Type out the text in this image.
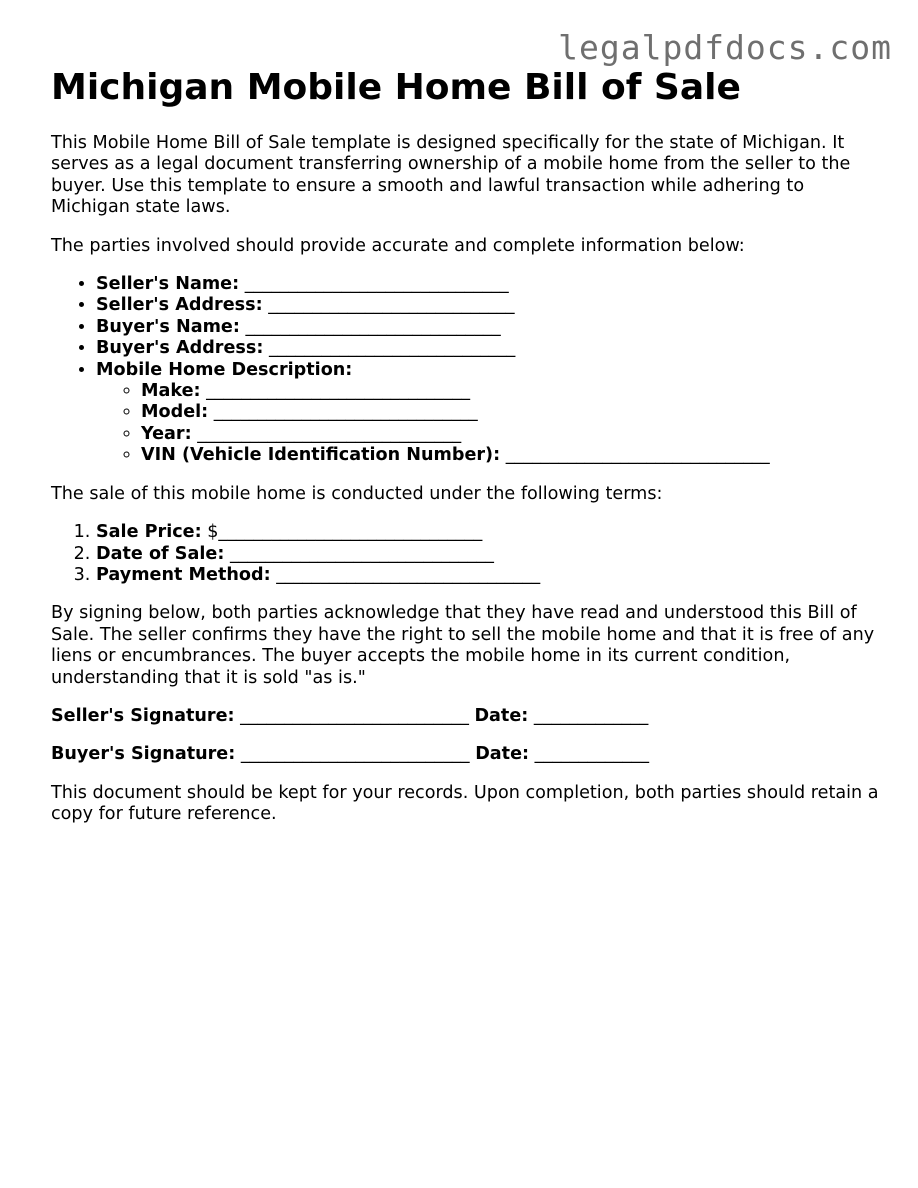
legalpdfdocs.com
Michigan Mobile Home Bill of Sale

This Mobile Home Bill of Sale template is designed specifically for the state of Michigan. It serves as a legal document transferring ownership of a mobile home from the seller to the buyer. Use this template to ensure a smooth and lawful transaction while adhering to Michigan state laws.

The parties involved should provide accurate and complete information below:

• Seller's Name: ______________________________
• Seller's Address: ____________________________
• Buyer's Name: _____________________________
• Buyer's Address: ____________________________
• Mobile Home Description:
◦ Make: ______________________________
◦ Model: ______________________________
◦ Year: ______________________________
◦ VIN (Vehicle Identification Number): ______________________________

The sale of this mobile home is conducted under the following terms:

1. Sale Price: $______________________________
2. Date of Sale: ______________________________
3. Payment Method: ______________________________

By signing below, both parties acknowledge that they have read and understood this Bill of Sale. The seller confirms they have the right to sell the mobile home and that it is free of any liens or encumbrances. The buyer accepts the mobile home in its current condition, understanding that it is sold "as is."

Seller's Signature: __________________________ Date: _____________
Buyer's Signature: __________________________ Date: _____________

This document should be kept for your records. Upon completion, both parties should retain a copy for future reference.
